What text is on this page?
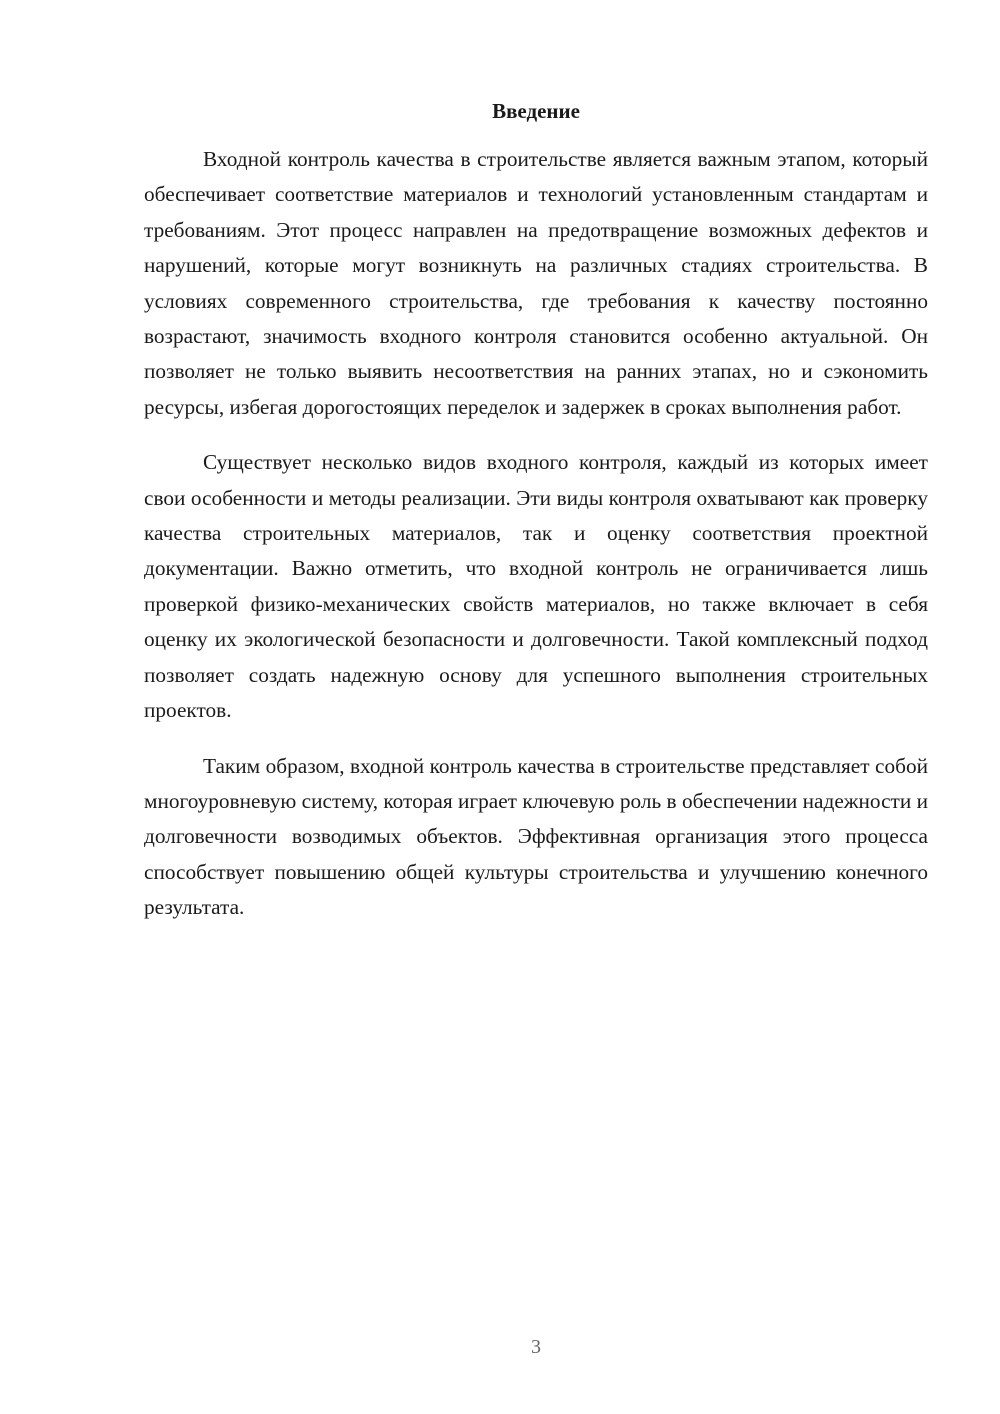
Введение

Входной контроль качества в строительстве является важным этапом, который обеспечивает соответствие материалов и технологий установленным стандартам и требованиям. Этот процесс направлен на предотвращение возможных дефектов и нарушений, которые могут возникнуть на различных стадиях строительства. В условиях современного строительства, где требования к качеству постоянно возрастают, значимость входного контроля становится особенно актуальной. Он позволяет не только выявить несоответствия на ранних этапах, но и сэкономить ресурсы, избегая дорогостоящих переделок и задержек в сроках выполнения работ.

Существует несколько видов входного контроля, каждый из которых имеет свои особенности и методы реализации. Эти виды контроля охватывают как проверку качества строительных материалов, так и оценку соответствия проектной документации. Важно отметить, что входной контроль не ограничивается лишь проверкой физико-механических свойств материалов, но также включает в себя оценку их экологической безопасности и долговечности. Такой комплексный подход позволяет создать надежную основу для успешного выполнения строительных проектов.

Таким образом, входной контроль качества в строительстве представляет собой многоуровневую систему, которая играет ключевую роль в обеспечении надежности и долговечности возводимых объектов. Эффективная организация этого процесса способствует повышению общей культуры строительства и улучшению конечного результата.

3
